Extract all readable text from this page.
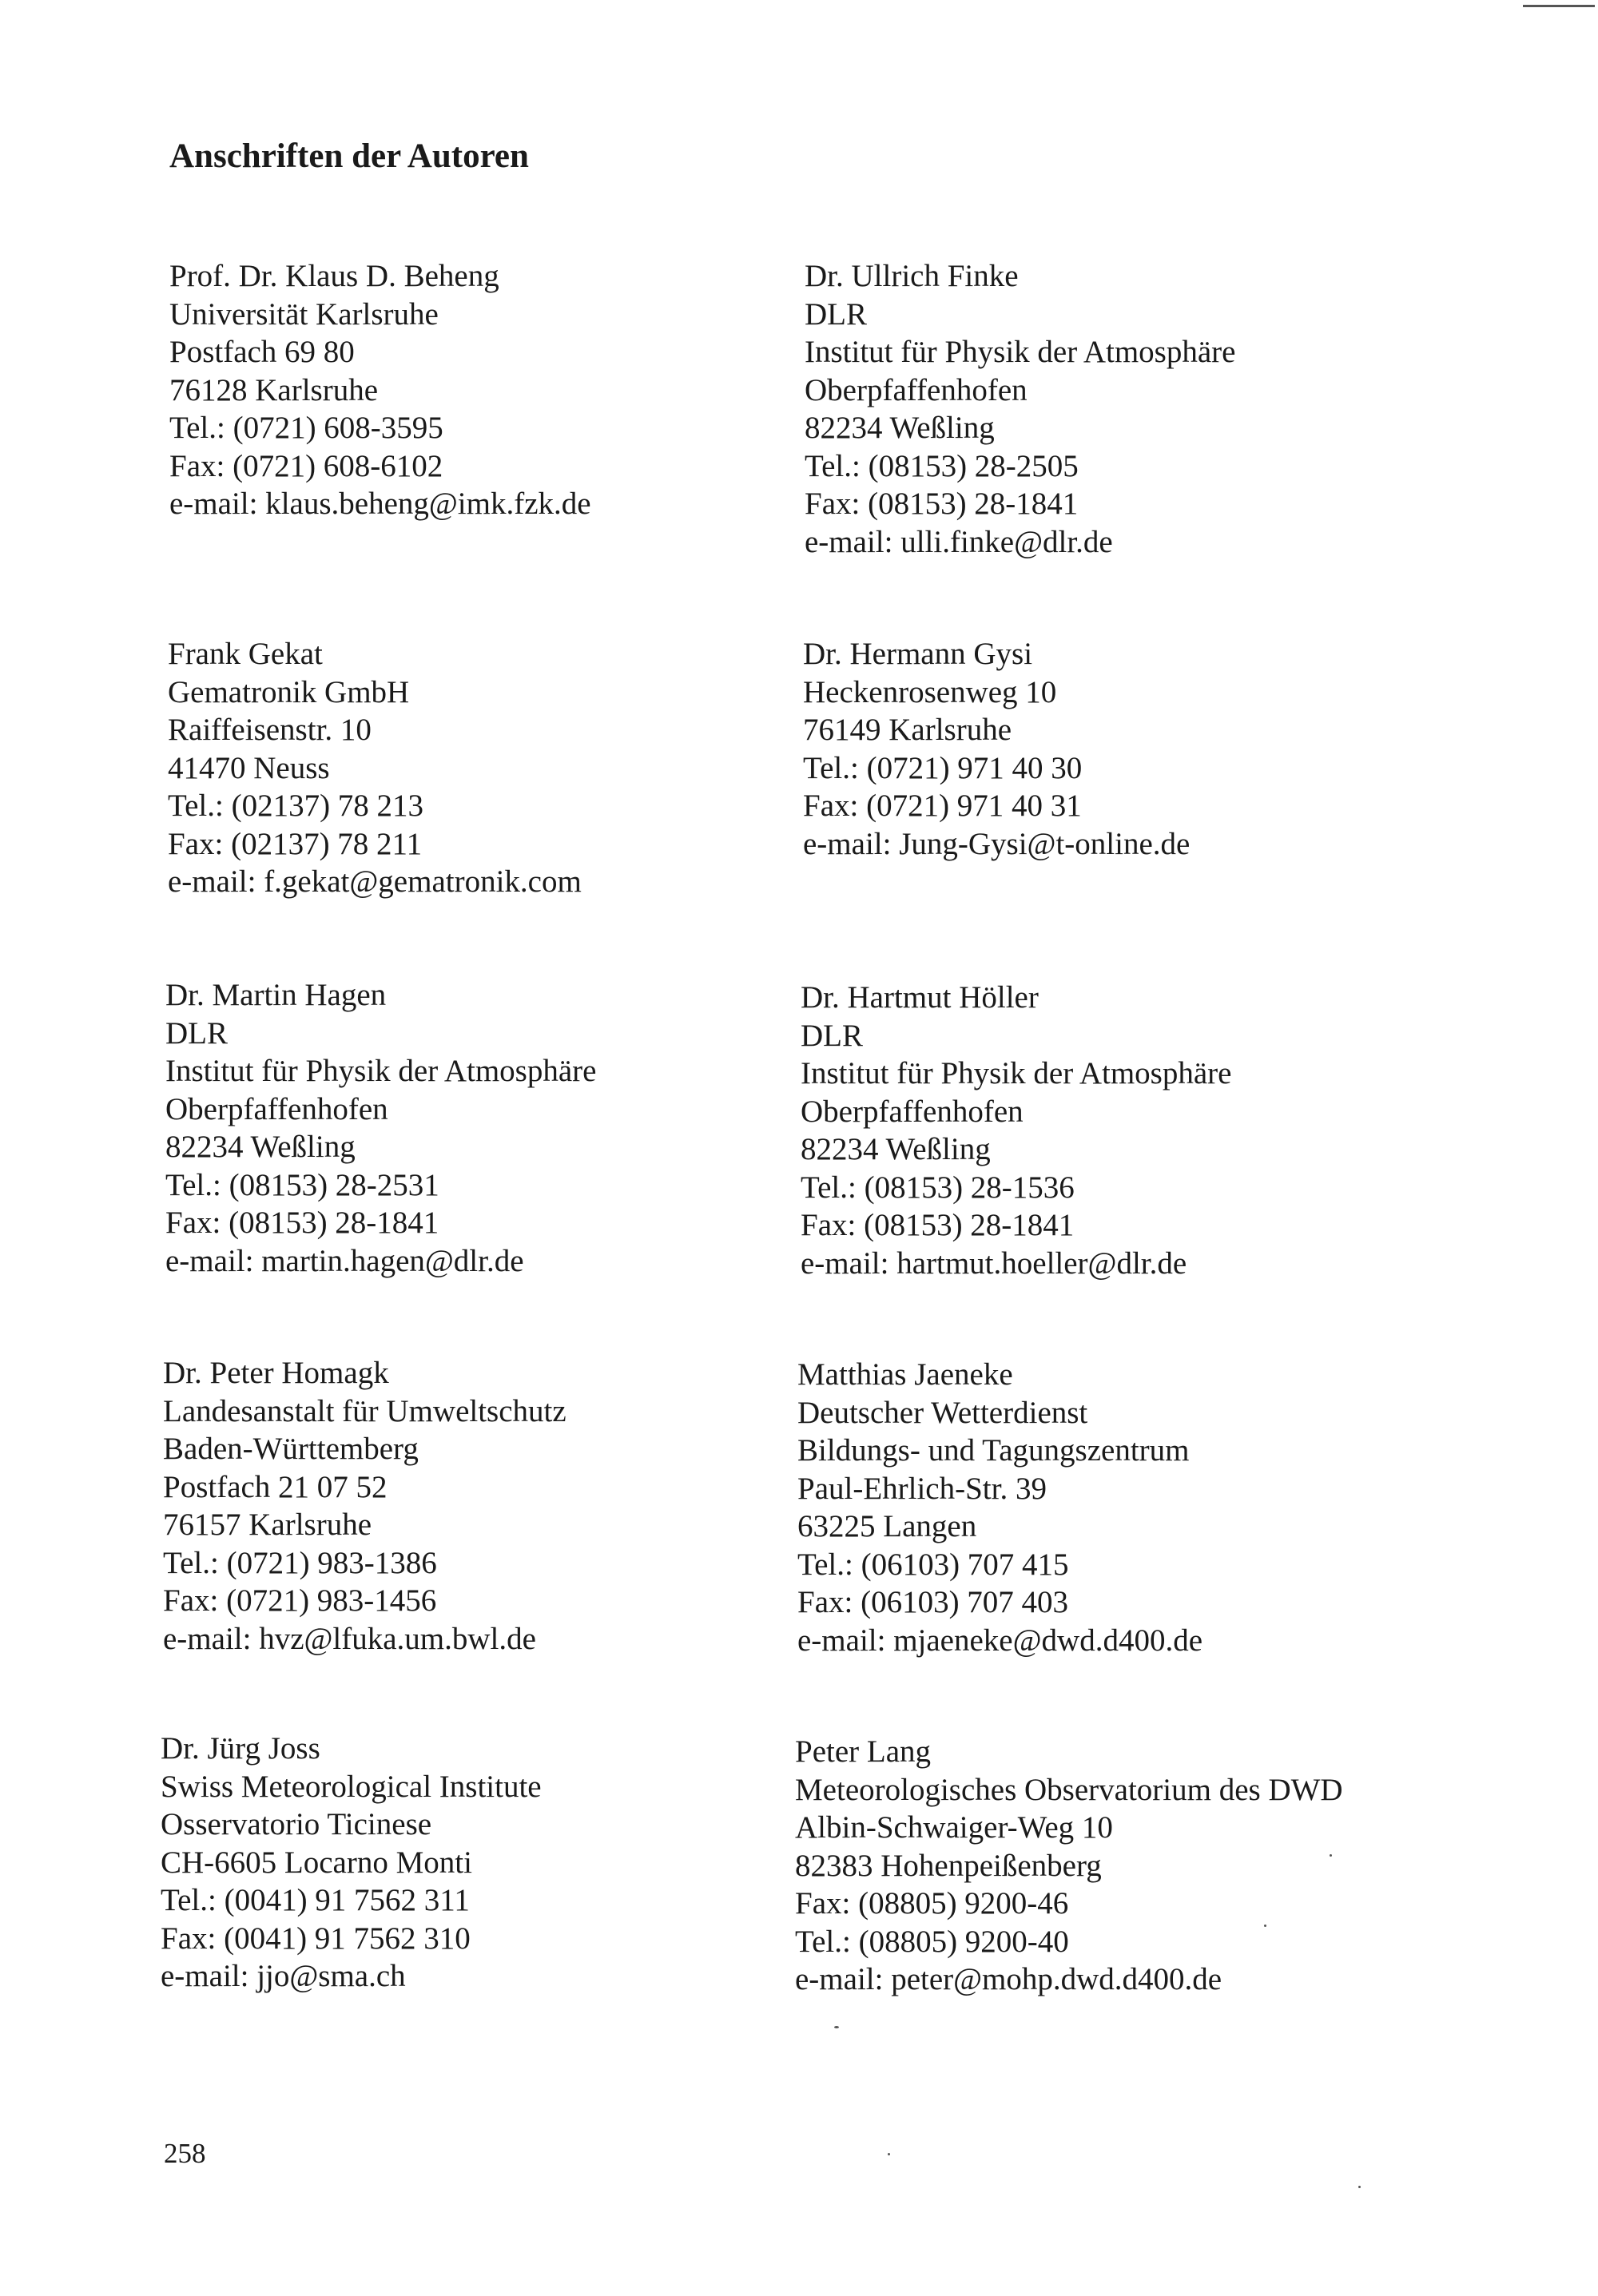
Anschriften der Autoren
Prof. Dr. Klaus D. Beheng
Universität Karlsruhe
Postfach 69 80
76128 Karlsruhe
Tel.: (0721) 608-3595
Fax: (0721) 608-6102
e-mail: klaus.beheng@imk.fzk.de
Dr. Ullrich Finke
DLR
Institut für Physik der Atmosphäre
Oberpfaffenhofen
82234 Weßling
Tel.: (08153) 28-2505
Fax: (08153) 28-1841
e-mail: ulli.finke@dlr.de
Frank Gekat
Gematronik GmbH
Raiffeisenstr. 10
41470 Neuss
Tel.: (02137) 78 213
Fax: (02137) 78 211
e-mail: f.gekat@gematronik.com
Dr. Hermann Gysi
Heckenrosenweg 10
76149 Karlsruhe
Tel.: (0721) 971 40 30
Fax: (0721) 971 40 31
e-mail: Jung-Gysi@t-online.de
Dr. Martin Hagen
DLR
Institut für Physik der Atmosphäre
Oberpfaffenhofen
82234 Weßling
Tel.: (08153) 28-2531
Fax: (08153) 28-1841
e-mail: martin.hagen@dlr.de
Dr. Hartmut Höller
DLR
Institut für Physik der Atmosphäre
Oberpfaffenhofen
82234 Weßling
Tel.: (08153) 28-1536
Fax: (08153) 28-1841
e-mail: hartmut.hoeller@dlr.de
Dr. Peter Homagk
Landesanstalt für Umweltschutz
Baden-Württemberg
Postfach 21 07 52
76157 Karlsruhe
Tel.: (0721) 983-1386
Fax: (0721) 983-1456
e-mail: hvz@lfuka.um.bwl.de
Matthias Jaeneke
Deutscher Wetterdienst
Bildungs- und Tagungszentrum
Paul-Ehrlich-Str. 39
63225 Langen
Tel.: (06103) 707 415
Fax: (06103) 707 403
e-mail: mjaeneke@dwd.d400.de
Dr. Jürg Joss
Swiss Meteorological Institute
Osservatorio Ticinese
CH-6605 Locarno Monti
Tel.: (0041) 91 7562 311
Fax: (0041) 91 7562 310
e-mail: jjo@sma.ch
Peter Lang
Meteorologisches Observatorium des DWD
Albin-Schwaiger-Weg 10
82383 Hohenpeißenberg
Fax: (08805) 9200-46
Tel.: (08805) 9200-40
e-mail: peter@mohp.dwd.d400.de
258
